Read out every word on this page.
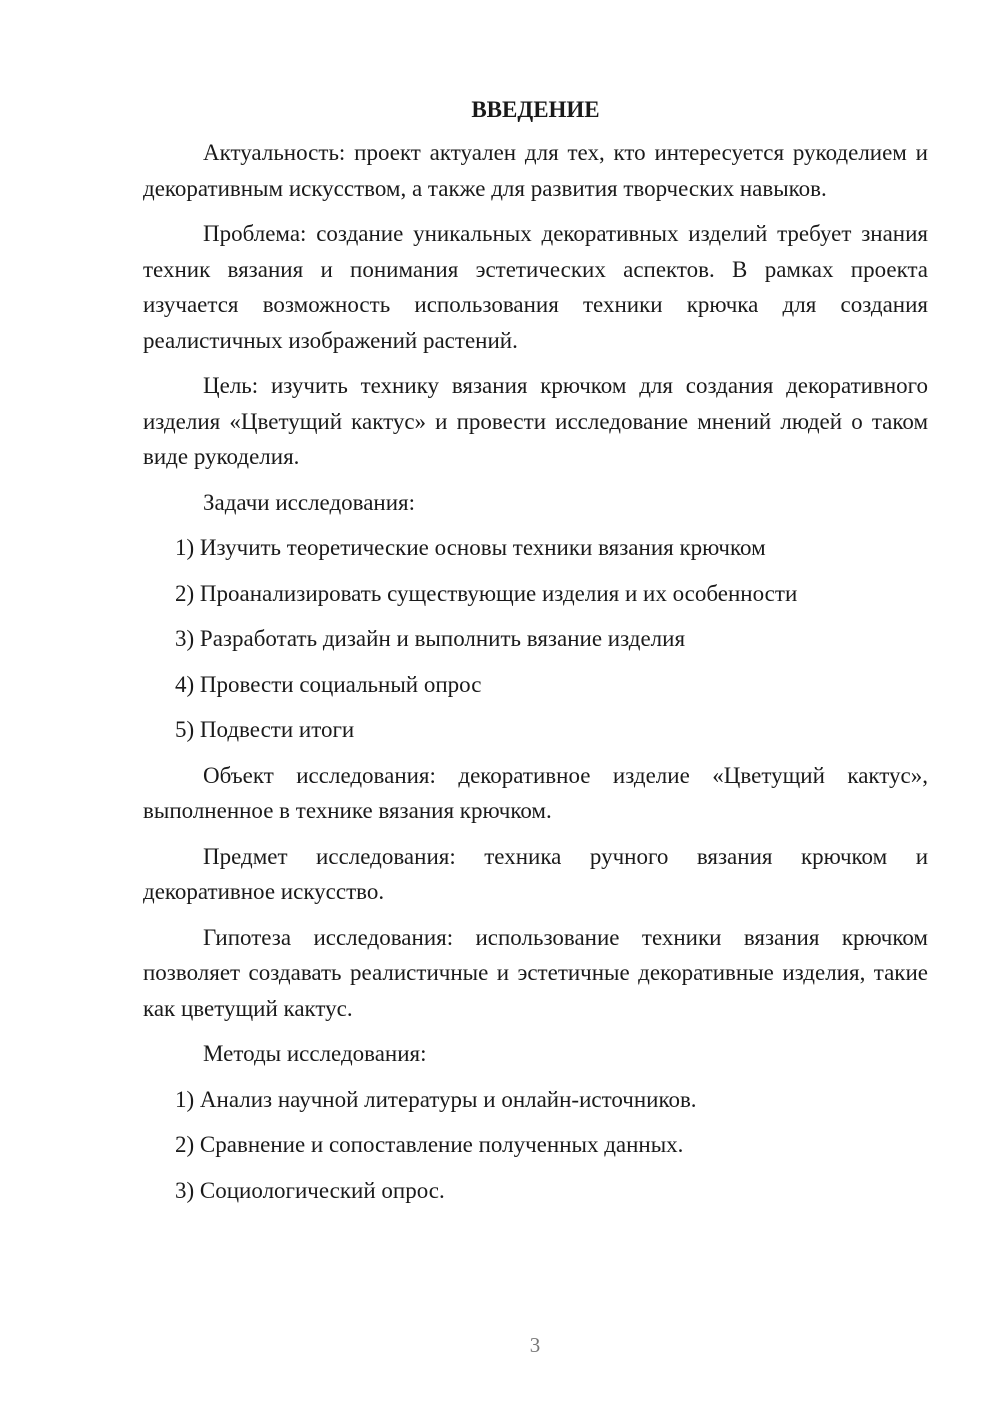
ВВЕДЕНИЕ

Актуальность: проект актуален для тех, кто интересуется рукоделием и декоративным искусством, а также для развития творческих навыков.

Проблема: создание уникальных декоративных изделий требует знания техник вязания и понимания эстетических аспектов. В рамках проекта изучается возможность использования техники крючка для создания реалистичных изображений растений.

Цель: изучить технику вязания крючком для создания декоративного изделия «Цветущий кактус» и провести исследование мнений людей о таком виде рукоделия.

Задачи исследования:

1) Изучить теоретические основы техники вязания крючком
2) Проанализировать существующие изделия и их особенности
3) Разработать дизайн и выполнить вязание изделия
4) Провести социальный опрос
5) Подвести итоги

Объект исследования: декоративное изделие «Цветущий кактус», выполненное в технике вязания крючком.

Предмет исследования: техника ручного вязания крючком и декоративное искусство.

Гипотеза исследования: использование техники вязания крючком позволяет создавать реалистичные и эстетичные декоративные изделия, такие как цветущий кактус.

Методы исследования:

1) Анализ научной литературы и онлайн-источников.
2) Сравнение и сопоставление полученных данных.
3) Социологический опрос.
3
